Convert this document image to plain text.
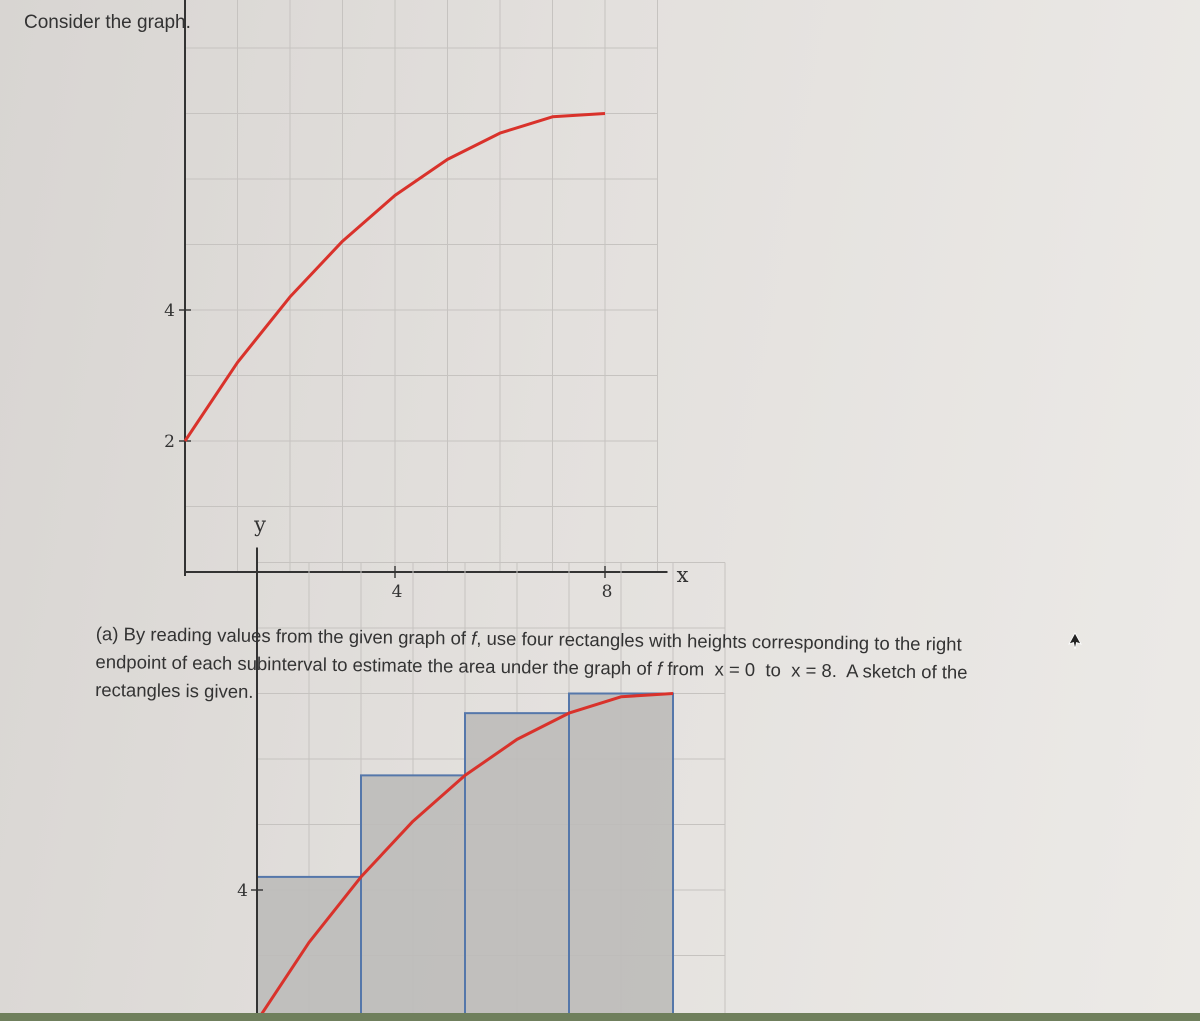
Consider the graph.
4	8
2
4
x
4
y
(a) By reading values from the given graph of f, use four rectangles with heights corresponding to the right
endpoint of each subinterval to estimate the area under the graph of f from  x = 0  to  x = 8.  A sketch of the
rectangles is given.
